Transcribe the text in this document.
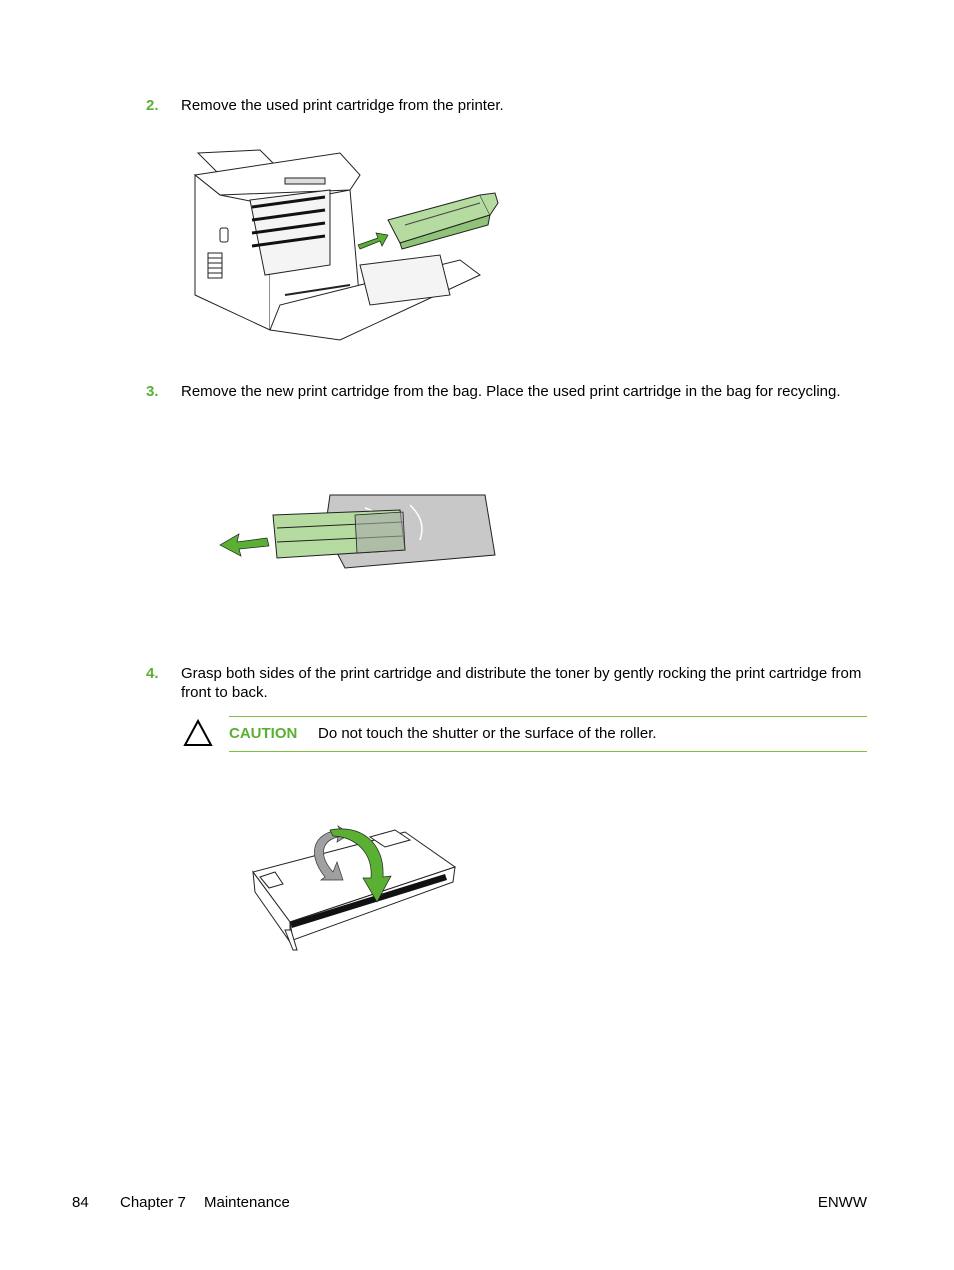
2. Remove the used print cartridge from the printer.
3. Remove the new print cartridge from the bag. Place the used print cartridge in the bag for recycling.
4. Grasp both sides of the print cartridge and distribute the toner by gently rocking the print cartridge from front to back.
CAUTION Do not touch the shutter or the surface of the roller.
84 Chapter 7 Maintenance	ENWW
